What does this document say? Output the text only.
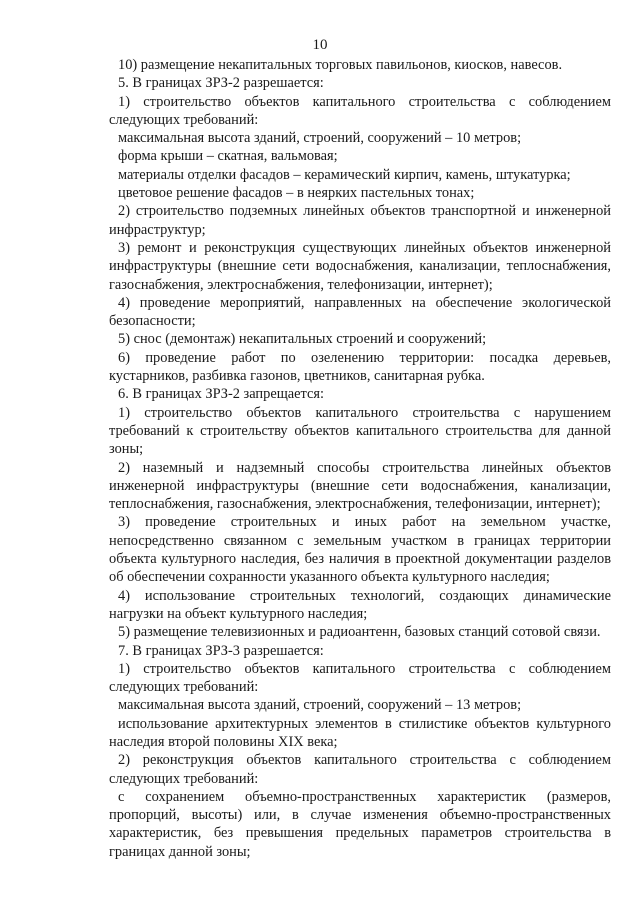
10

10) размещение некапитальных торговых павильонов, киосков, навесов.

5. В границах ЗРЗ-2 разрешается:

1) строительство объектов капитального строительства с соблюдением следующих требований:

максимальная высота зданий, строений, сооружений – 10 метров;

форма крыши – скатная, вальмовая;

материалы отделки фасадов – керамический кирпич, камень, штукатурка;

цветовое решение фасадов – в неярких пастельных тонах;

2) строительство подземных линейных объектов транспортной и инженерной инфраструктур;

3) ремонт и реконструкция существующих линейных объектов инженерной инфраструктуры (внешние сети водоснабжения, канализации, теплоснабжения, газоснабжения, электроснабжения, телефонизации, интернет);

4) проведение мероприятий, направленных на обеспечение экологической безопасности;

5) снос (демонтаж) некапитальных строений и сооружений;

6) проведение работ по озеленению территории: посадка деревьев, кустарников, разбивка газонов, цветников, санитарная рубка.

6. В границах ЗРЗ-2 запрещается:

1) строительство объектов капитального строительства с нарушением требований к строительству объектов капитального строительства для данной зоны;

2) наземный и надземный способы строительства линейных объектов инженерной инфраструктуры (внешние сети водоснабжения, канализации, теплоснабжения, газоснабжения, электроснабжения, телефонизации, интернет);

3) проведение строительных и иных работ на земельном участке, непосредственно связанном с земельным участком в границах территории объекта культурного наследия, без наличия в проектной документации разделов об обеспечении сохранности указанного объекта культурного наследия;

4) использование строительных технологий, создающих динамические нагрузки на объект культурного наследия;

5) размещение телевизионных и радиоантенн, базовых станций сотовой связи.

7. В границах ЗРЗ-3 разрешается:

1) строительство объектов капитального строительства с соблюдением следующих требований:

максимальная высота зданий, строений, сооружений – 13 метров;

использование архитектурных элементов в стилистике объектов культурного наследия второй половины XIX века;

2) реконструкция объектов капитального строительства с соблюдением следующих требований:

с сохранением объемно-пространственных характеристик (размеров, пропорций, высоты) или, в случае изменения объемно-пространственных характеристик, без превышения предельных параметров строительства в границах данной зоны;
